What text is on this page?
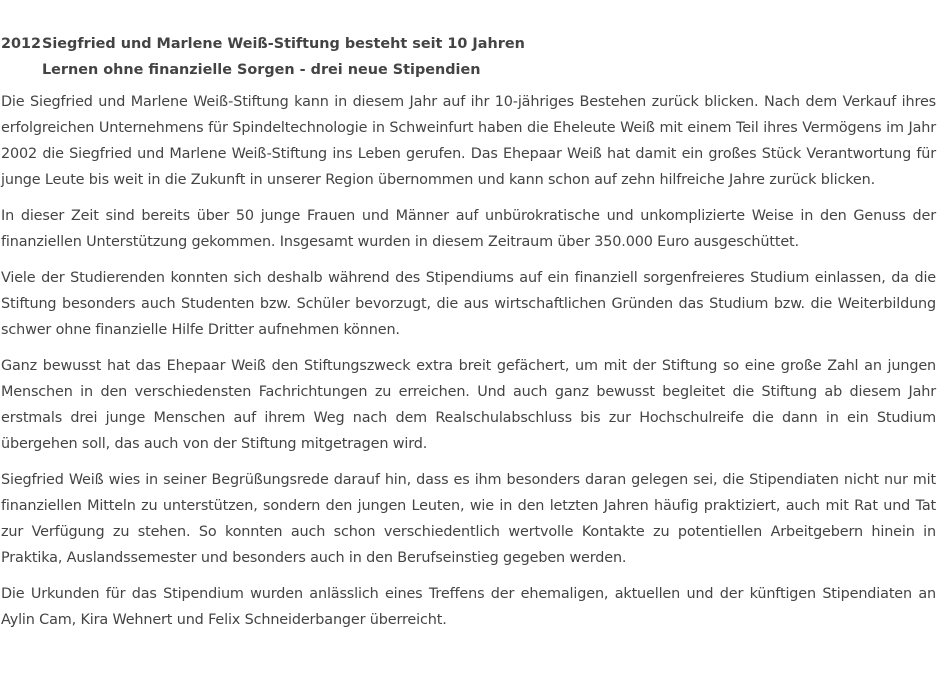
2012 Siegfried und Marlene Weiß-Stiftung besteht seit 10 Jahren
Lernen ohne finanzielle Sorgen - drei neue Stipendien

Die Siegfried und Marlene Weiß-Stiftung kann in diesem Jahr auf ihr 10-jähriges Bestehen zurück blicken. Nach dem Verkauf ihres erfolgreichen Unternehmens für Spindeltechnologie in Schweinfurt haben die Eheleute Weiß mit einem Teil ihres Vermögens im Jahr 2002 die Siegfried und Marlene Weiß-Stiftung ins Leben gerufen. Das Ehepaar Weiß hat damit ein großes Stück Verantwortung für junge Leute bis weit in die Zukunft in unserer Region übernommen und kann schon auf zehn hilfreiche Jahre zurück blicken.

In dieser Zeit sind bereits über 50 junge Frauen und Männer auf unbürokratische und unkomplizierte Weise in den Genuss der finanziellen Unterstützung gekommen. Insgesamt wurden in diesem Zeitraum über 350.000 Euro ausgeschüttet.

Viele der Studierenden konnten sich deshalb während des Stipendiums auf ein finanziell sorgenfreieres Studium einlassen, da die Stiftung besonders auch Studenten bzw. Schüler bevorzugt, die aus wirtschaftlichen Gründen das Studium bzw. die Weiterbildung schwer ohne finanzielle Hilfe Dritter aufnehmen können.

Ganz bewusst hat das Ehepaar Weiß den Stiftungszweck extra breit gefächert, um mit der Stiftung so eine große Zahl an jungen Menschen in den verschiedensten Fachrichtungen zu erreichen. Und auch ganz bewusst begleitet die Stiftung ab diesem Jahr erstmals drei junge Menschen auf ihrem Weg nach dem Realschulabschluss bis zur Hochschulreife die dann in ein Studium übergehen soll, das auch von der Stiftung mitgetragen wird.

Siegfried Weiß wies in seiner Begrüßungsrede darauf hin, dass es ihm besonders daran gelegen sei, die Stipendiaten nicht nur mit finanziellen Mitteln zu unterstützen, sondern den jungen Leuten, wie in den letzten Jahren häufig praktiziert, auch mit Rat und Tat zur Verfügung zu stehen. So konnten auch schon verschiedentlich wertvolle Kontakte zu potentiellen Arbeitgebern hinein in Praktika, Auslandssemester und besonders auch in den Berufseinstieg gegeben werden.

Die Urkunden für das Stipendium wurden anlässlich eines Treffens der ehemaligen, aktuellen und der künftigen Stipendiaten an Aylin Cam, Kira Wehnert und Felix Schneiderbanger überreicht.
